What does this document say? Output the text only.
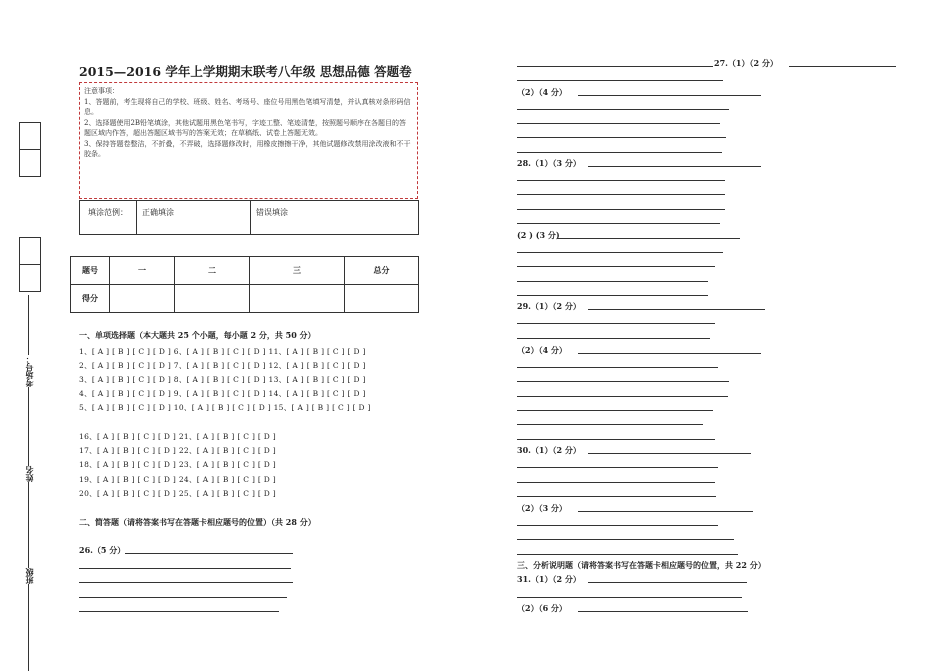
考场号：
姓名
班级
2015—2016 学年上学期期末联考八年级 思想品德 答题卷
注意事项：
1、答题前，考生现将自己的学校、班级、姓名、考场号、座位号用黑色笔填写清楚，并认真核对条形码信息。
2、选择题使用2B铅笔填涂，其他试题用黑色笔书写，字迹工整、笔迹清楚，按照题号顺序在各题目的答题区域内作答，超出答题区域书写的答案无效；在草稿纸、试卷上答题无效。
3、保持答题卷整洁，不折叠，不弄破，选择题修改时，用橡皮擦擦干净，其他试题修改禁用涂改液和不干胶条。
填涂范例： 正确填涂	错误填涂
题号	一	二	三	总分
得分				
一、单项选择题（本大题共 25 个小题，每小题 2 分，共 50 分）
1、[ A ] [ B ] [ C ] [ D ] 6、[ A ] [ B ] [ C ] [ D ] 11、[ A ] [ B ] [ C ] [ D ]
2、[ A ] [ B ] [ C ] [ D ] 7、[ A ] [ B ] [ C ] [ D ] 12、[ A ] [ B ] [ C ] [ D ]
3、[ A ] [ B ] [ C ] [ D ] 8、[ A ] [ B ] [ C ] [ D ] 13、[ A ] [ B ] [ C ] [ D ]
4、[ A ] [ B ] [ C ] [ D ] 9、[ A ] [ B ] [ C ] [ D ] 14、[ A ] [ B ] [ C ] [ D ]
5、[ A ] [ B ] [ C ] [ D ] 10、[ A ] [ B ] [ C ] [ D ] 15、[ A ] [ B ] [ C ] [ D ]
16、[ A ] [ B ] [ C ] [ D ] 21、[ A ] [ B ] [ C ] [ D ]
17、[ A ] [ B ] [ C ] [ D ] 22、[ A ] [ B ] [ C ] [ D ]
18、[ A ] [ B ] [ C ] [ D ] 23、[ A ] [ B ] [ C ] [ D ]
19、[ A ] [ B ] [ C ] [ D ] 24、[ A ] [ B ] [ C ] [ D ]
20、[ A ] [ B ] [ C ] [ D ] 25、[ A ] [ B ] [ C ] [ D ]
二、简答题（请将答案书写在答题卡相应题号的位置）（共 28 分）
26.（5 分）
27.（1）（2 分）
（2）（4 分）
28.（1）（3 分）
(2 ) (3 分)
29.（1）（2 分）
（2）（4 分）
30.（1）（2 分）
（2）（3 分）
三、分析说明题（请将答案书写在答题卡相应题号的位置，共 22 分）
31.（1）（2 分）
（2）（6 分）
